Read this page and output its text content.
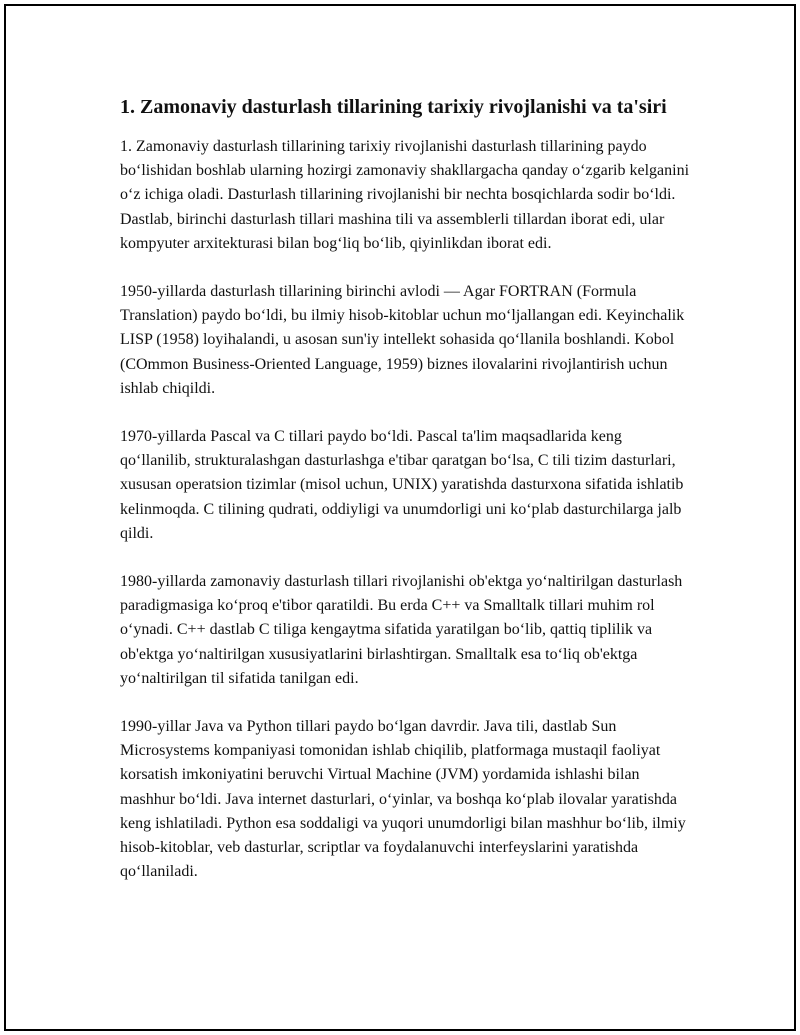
1. Zamonaviy dasturlash tillarining tarixiy rivojlanishi va ta'siri

1. Zamonaviy dasturlash tillarining tarixiy rivojlanishi dasturlash tillarining paydo bo‘lishidan boshlab ularning hozirgi zamonaviy shakllargacha qanday o‘zgarib kelganini o‘z ichiga oladi. Dasturlash tillarining rivojlanishi bir nechta bosqichlarda sodir bo‘ldi. Dastlab, birinchi dasturlash tillari mashina tili va assemblerli tillardan iborat edi, ular kompyuter arxitekturasi bilan bog‘liq bo‘lib, qiyinlikdan iborat edi.

1950-yillarda dasturlash tillarining birinchi avlodi — Agar FORTRAN (Formula Translation) paydo bo‘ldi, bu ilmiy hisob-kitoblar uchun mo‘ljallangan edi. Keyinchalik LISP (1958) loyihalandi, u asosan sun'iy intellekt sohasida qo‘llanila boshlandi. Kobol (COmmon Business-Oriented Language, 1959) biznes ilovalarini rivojlantirish uchun ishlab chiqildi.

1970-yillarda Pascal va C tillari paydo bo‘ldi. Pascal ta'lim maqsadlarida keng qo‘llanilib, strukturalashgan dasturlashga e'tibar qaratgan bo‘lsa, C tili tizim dasturlari, xususan operatsion tizimlar (misol uchun, UNIX) yaratishda dasturxona sifatida ishlatib kelinmoqda. C tilining qudrati, oddiyligi va unumdorligi uni ko‘plab dasturchilarga jalb qildi.

1980-yillarda zamonaviy dasturlash tillari rivojlanishi ob'ektga yo‘naltirilgan dasturlash paradigmasiga ko‘proq e'tibor qaratildi. Bu erda C++ va Smalltalk tillari muhim rol o‘ynadi. C++ dastlab C tiliga kengaytma sifatida yaratilgan bo‘lib, qattiq tiplilik va ob'ektga yo‘naltirilgan xususiyatlarini birlashtirgan. Smalltalk esa to‘liq ob'ektga yo‘naltirilgan til sifatida tanilgan edi.

1990-yillar Java va Python tillari paydo bo‘lgan davrdir. Java tili, dastlab Sun Microsystems kompaniyasi tomonidan ishlab chiqilib, platformaga mustaqil faoliyat korsatish imkoniyatini beruvchi Virtual Machine (JVM) yordamida ishlashi bilan mashhur bo‘ldi. Java internet dasturlari, o‘yinlar, va boshqa ko‘plab ilovalar yaratishda keng ishlatiladi. Python esa soddaligi va yuqori unumdorligi bilan mashhur bo‘lib, ilmiy hisob-kitoblar, veb dasturlar, scriptlar va foydalanuvchi interfeyslarini yaratishda qo‘llaniladi.
